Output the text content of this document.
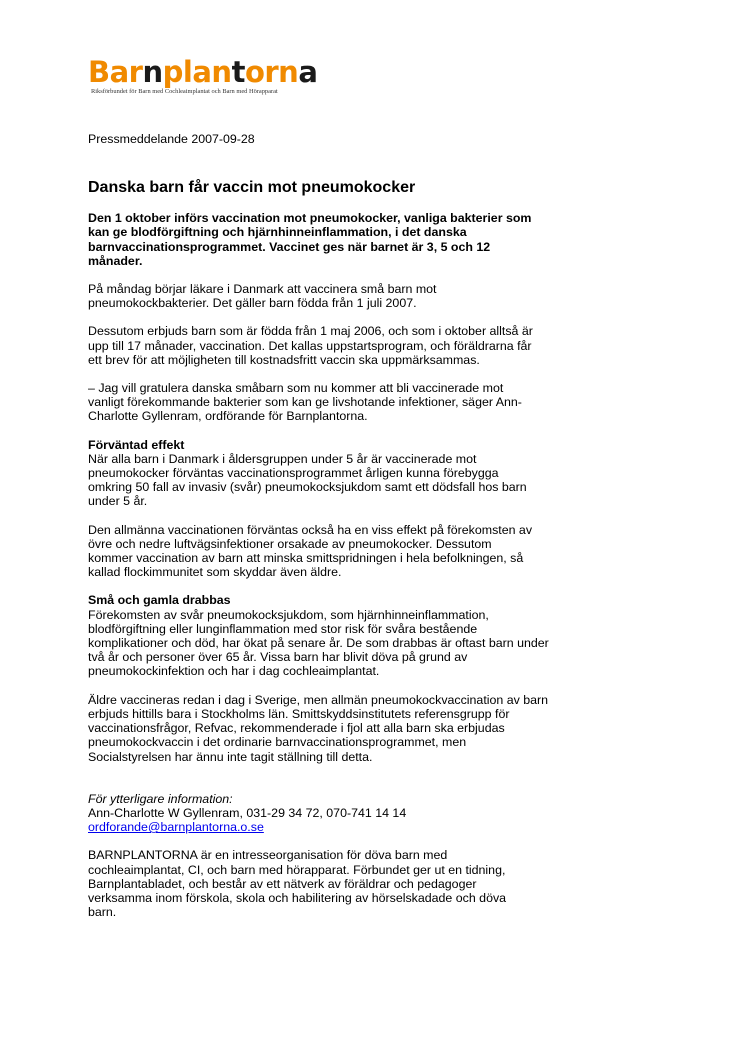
Barnplantorna
Riksförbundet för Barn med Cochleaimplantat och Barn med Hörapparat

Pressmeddelande 2007-09-28

Danska barn får vaccin mot pneumokocker

Den 1 oktober införs vaccination mot pneumokocker, vanliga bakterier som
kan ge blodförgiftning och hjärnhinneinflammation, i det danska
barnvaccinationsprogrammet. Vaccinet ges när barnet är 3, 5 och 12
månader.

På måndag börjar läkare i Danmark att vaccinera små barn mot
pneumokockbakterier. Det gäller barn födda från 1 juli 2007.

Dessutom erbjuds barn som är födda från 1 maj 2006, och som i oktober alltså är
upp till 17 månader, vaccination. Det kallas uppstartsprogram, och föräldrarna får
ett brev för att möjligheten till kostnadsfritt vaccin ska uppmärksammas.

– Jag vill gratulera danska småbarn som nu kommer att bli vaccinerade mot
vanligt förekommande bakterier som kan ge livshotande infektioner, säger Ann-
Charlotte Gyllenram, ordförande för Barnplantorna.

Förväntad effekt

När alla barn i Danmark i åldersgruppen under 5 år är vaccinerade mot
pneumokocker förväntas vaccinationsprogrammet årligen kunna förebygga
omkring 50 fall av invasiv (svår) pneumokocksjukdom samt ett dödsfall hos barn
under 5 år.

Den allmänna vaccinationen förväntas också ha en viss effekt på förekomsten av
övre och nedre luftvägsinfektioner orsakade av pneumokocker. Dessutom
kommer vaccination av barn att minska smittspridningen i hela befolkningen, så
kallad flockimmunitet som skyddar även äldre.

Små och gamla drabbas

Förekomsten av svår pneumokocksjukdom, som hjärnhinneinflammation,
blodförgiftning eller lunginflammation med stor risk för svåra bestående
komplikationer och död, har ökat på senare år. De som drabbas är oftast barn under
två år och personer över 65 år. Vissa barn har blivit döva på grund av
pneumokockinfektion och har i dag cochleaimplantat.

Äldre vaccineras redan i dag i Sverige, men allmän pneumokockvaccination av barn
erbjuds hittills bara i Stockholms län. Smittskyddsinstitutets referensgrupp för
vaccinationsfrågor, Refvac, rekommenderade i fjol att alla barn ska erbjudas
pneumokockvaccin i det ordinarie barnvaccinationsprogrammet, men
Socialstyrelsen har ännu inte tagit ställning till detta.

För ytterligare information:

Ann-Charlotte W Gyllenram, 031-29 34 72, 070-741 14 14

ordforande@barnplantorna.o.se

BARNPLANTORNA är en intresseorganisation för döva barn med
cochleaimplantat, CI, och barn med hörapparat. Förbundet ger ut en tidning,
Barnplantabladet, och består av ett nätverk av föräldrar och pedagoger
verksamma inom förskola, skola och habilitering av hörselskadade och döva
barn.
